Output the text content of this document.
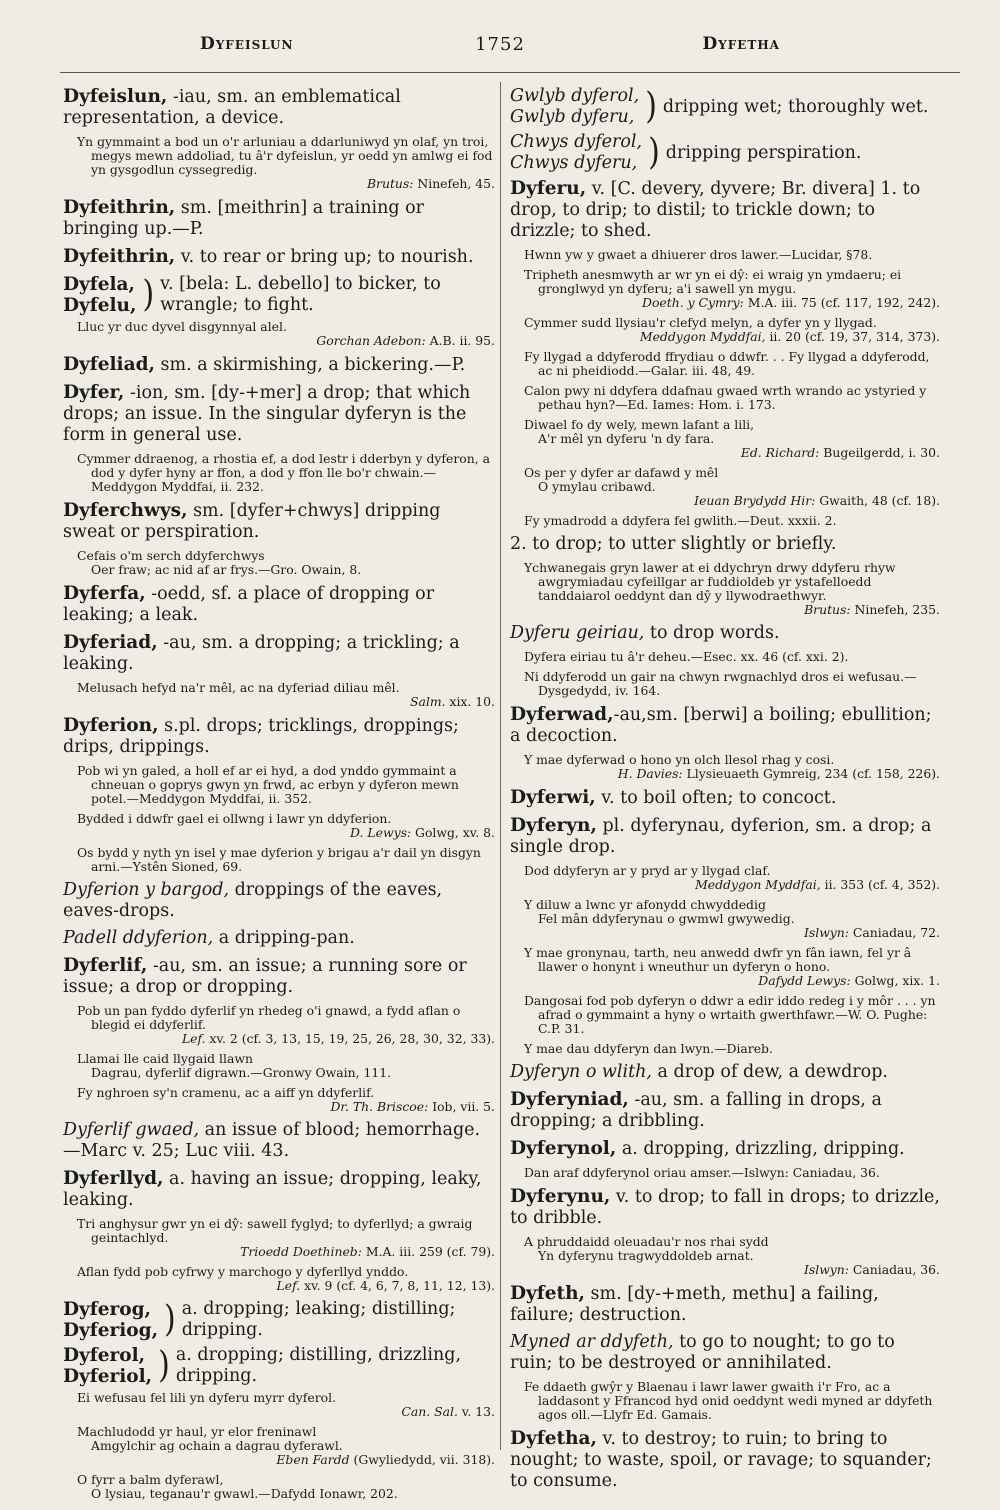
Dyfeislun	1752	Dyfetha
Dyfeislun, -iau, sm. an emblematical representation, a device.
Yn gymmaint a bod un o'r arluniau a ddarluniwyd yn olaf, yn troi, megys mewn addoliad, tu â'r dyfeislun, yr oedd yn amlwg ei fod yn gysgodlun cyssegredig.
Brutus: Ninefeh, 45.
Dyfeithrin, sm. [meithrin] a training or bringing up.—P.
Dyfeithrin, v. to rear or bring up; to nourish.
Dyfela,
Dyfelu, ) v. [bela: L. debello] to bicker, to wrangle; to fight.
Lluc yr duc dyvel disgynnyal alel.
Gorchan Adebon: A.B. ii. 95.
Dyfeliad, sm. a skirmishing, a bickering.—P.
Dyfer, -ion, sm. [dy-+mer] a drop; that which drops; an issue. In the singular dyferyn is the form in general use.
Cymmer ddraenog, a rhostia ef, a dod lestr i dderbyn y dyferon, a dod y dyfer hyny ar ffon, a dod y ffon lle bo'r chwain.—Meddygon Myddfai, ii. 232.
Dyferchwys, sm. [dyfer+chwys] dripping sweat or perspiration.
Cefais o'm serch ddyferchwys
Oer fraw; ac nid af ar frys.—Gro. Owain, 8.
Dyferfa, -oedd, sf. a place of dropping or leaking; a leak.
Dyferiad, -au, sm. a dropping; a trickling; a leaking.
Melusach hefyd na'r mêl, ac na dyferiad diliau mêl.
Salm. xix. 10.
Dyferion, s.pl. drops; tricklings, droppings; drips, drippings.
Pob wi yn galed, a holl ef ar ei hyd, a dod ynddo gymmaint a chneuan o goprys gwyn yn frwd, ac erbyn y dyferon mewn potel.—Meddygon Myddfai, ii. 352.
Bydded i ddwfr gael ei ollwng i lawr yn ddyferion.
D. Lewys: Golwg, xv. 8.
Os bydd y nyth yn isel y mae dyferion y brigau a'r dail yn disgyn arni.—Ystên Sioned, 69.
Dyferion y bargod, droppings of the eaves, eaves-drops.
Padell ddyferion, a dripping-pan.
Dyferlif, -au, sm. an issue; a running sore or issue; a drop or dropping.
Pob un pan fyddo dyferlif yn rhedeg o'i gnawd, a fydd aflan o blegid ei ddyferlif.
Lef. xv. 2 (cf. 3, 13, 15, 19, 25, 26, 28, 30, 32, 33).
Llamai lle caid llygaid llawn
Dagrau, dyferlif digrawn.—Gronwy Owain, 111.
Fy nghroen sy'n cramenu, ac a aiff yn ddyferlif.
Dr. Th. Briscoe: Iob, vii. 5.
Dyferlif gwaed, an issue of blood; hemorrhage. —Marc v. 25; Luc viii. 43.
Dyferllyd, a. having an issue; dropping, leaky, leaking.
Tri anghysur gwr yn ei dŷ: sawell fyglyd; to dyferllyd; a gwraig geintachlyd.
Trioedd Doethineb: M.A. iii. 259 (cf. 79).
Aflan fydd pob cyfrwy y marchogo y dyferllyd ynddo.
Lef. xv. 9 (cf. 4, 6, 7, 8, 11, 12, 13).
Dyferog,
Dyferiog, ) a. dropping; leaking; distilling; dripping.
Dyferol,
Dyferiol, ) a. dropping; distilling, drizzling, dripping.
Ei wefusau fel lili yn dyferu myrr dyferol.
Can. Sal. v. 13.
Machludodd yr haul, yr elor freninawl
Amgylchir ag ochain a dagrau dyferawl.
Eben Fardd (Gwyliedydd, vii. 318).
O fyrr a balm dyferawl,
O lysiau, teganau'r gwawl.—Dafydd Ionawr, 202.
Gwlyb dyferol,
Gwlyb dyferu, ) dripping wet; thoroughly wet.
Chwys dyferol,
Chwys dyferu, ) dripping perspiration.
Dyferu, v. [C. devery, dyvere; Br. divera] 1. to drop, to drip; to distil; to trickle down; to drizzle; to shed.
Hwnn yw y gwaet a dhiuerer dros lawer.—Lucidar, §78.
Tripheth anesmwyth ar wr yn ei dŷ: ei wraig yn ymdaeru; ei gronglwyd yn dyferu; a'i sawell yn mygu.
Doeth. y Cymry: M.A. iii. 75 (cf. 117, 192, 242).
Cymmer sudd llysiau'r clefyd melyn, a dyfer yn y llygad.
Meddygon Myddfai, ii. 20 (cf. 19, 37, 314, 373).
Fy llygad a ddyferodd ffrydiau o ddwfr. . . Fy llygad a ddyferodd, ac ni pheidiodd.—Galar. iii. 48, 49.
Calon pwy ni ddyfera ddafnau gwaed wrth wrando ac ystyried y pethau hyn?—Ed. Iames: Hom. i. 173.
Diwael fo dy wely, mewn lafant a lili,
A'r mêl yn dyferu 'n dy fara.
Ed. Richard: Bugeilgerdd, i. 30.
Os per y dyfer ar dafawd y mêl
O ymylau cribawd.
Ieuan Brydydd Hir: Gwaith, 48 (cf. 18).
Fy ymadrodd a ddyfera fel gwlith.—Deut. xxxii. 2.
2. to drop; to utter slightly or briefly.
Ychwanegais gryn lawer at ei ddychryn drwy ddyferu rhyw awgrymiadau cyfeillgar ar fuddioldeb yr ystafelloedd tanddaiarol oeddynt dan dŷ y llywodraethwyr.
Brutus: Ninefeh, 235.
Dyferu geiriau, to drop words.
Dyfera eiriau tu â'r deheu.—Esec. xx. 46 (cf. xxi. 2).
Ni ddyferodd un gair na chwyn rwgnachlyd dros ei wefusau.—Dysgedydd, iv. 164.
Dyferwad,-au,sm. [berwi] a boiling; ebullition; a decoction.
Y mae dyferwad o hono yn olch llesol rhag y cosi.
H. Davies: Llysieuaeth Gymreig, 234 (cf. 158, 226).
Dyferwi, v. to boil often; to concoct.
Dyferyn, pl. dyferynau, dyferion, sm. a drop; a single drop.
Dod ddyferyn ar y pryd ar y llygad claf.
Meddygon Myddfai, ii. 353 (cf. 4, 352).
Y diluw a lwnc yr afonydd chwyddedig
Fel mân ddyferynau o gwmwl gwywedig.
Islwyn: Caniadau, 72.
Y mae gronynau, tarth, neu anwedd dwfr yn fân iawn, fel yr â llawer o honynt i wneuthur un dyferyn o hono.
Dafydd Lewys: Golwg, xix. 1.
Dangosai fod pob dyferyn o ddwr a edir iddo redeg i y môr . . . yn afrad o gymmaint a hyny o wrtaith gwerthfawr.—W. O. Pughe: C.P. 31.
Y mae dau ddyferyn dan lwyn.—Diareb.
Dyferyn o wlith, a drop of dew, a dewdrop.
Dyferyniad, -au, sm. a falling in drops, a dropping; a dribbling.
Dyferynol, a. dropping, drizzling, dripping.
Dan araf ddyferynol oriau amser.—Islwyn: Caniadau, 36.
Dyferynu, v. to drop; to fall in drops; to drizzle, to dribble.
A phruddaidd oleuadau'r nos rhai sydd
Yn dyferynu tragwyddoldeb arnat.
Islwyn: Caniadau, 36.
Dyfeth, sm. [dy-+meth, methu] a failing, failure; destruction.
Myned ar ddyfeth, to go to nought; to go to ruin; to be destroyed or annihilated.
Fe ddaeth gwŷr y Blaenau i lawr lawer gwaith i'r Fro, ac a laddasont y Ffrancod hyd onid oeddynt wedi myned ar ddyfeth agos oll.—Llyfr Ed. Gamais.
Dyfetha, v. to destroy; to ruin; to bring to nought; to waste, spoil, or ravage; to squander; to consume.
